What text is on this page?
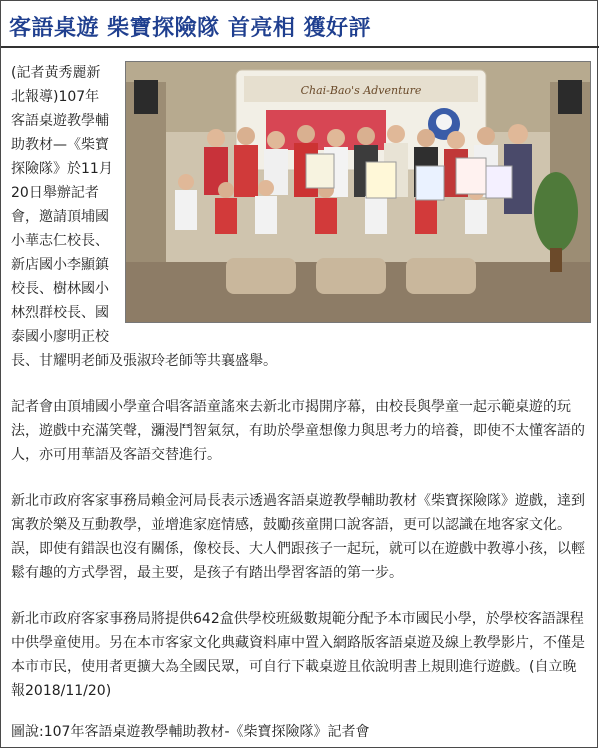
客語桌遊 柴寶探險隊 首亮相 獲好評
Chai-Bao's Adventure

(記者黃秀麗新北報導)107年客語桌遊教學輔助教材—《柴寶探險隊》於11月20日舉辦記者會，邀請頂埔國小華志仁校長、新店國小李顯鎮校長、樹林國小林烈群校長、國泰國小廖明正校長、甘耀明老師及張淑玲老師等共襄盛舉。

記者會由頂埔國小學童合唱客語童謠來去新北市揭開序幕，由校長與學童一起示範桌遊的玩法，遊戲中充滿笑聲，瀰漫鬥智氣氛，有助於學童想像力與思考力的培養，即使不太懂客語的人，亦可用華語及客語交替進行。

新北市政府客家事務局賴金河局長表示透過客語桌遊教學輔助教材《柴寶探險隊》遊戲，達到寓教於樂及互動教學，並增進家庭情感，鼓勵孩童開口說客語，更可以認識在地客家文化。誤，即使有錯誤也沒有關係，像校長、大人們跟孩子一起玩，就可以在遊戲中教導小孩，以輕鬆有趣的方式學習，最主要，是孩子有踏出學習客語的第一步。

新北市政府客家事務局將提供642盒供學校班級數規範分配予本市國民小學，於學校客語課程中供學童使用。另在本市客家文化典藏資料庫中置入網路版客語桌遊及線上教學影片，不僅是本市市民，使用者更擴大為全國民眾，可自行下載桌遊且依說明書上規則進行遊戲。(自立晚報2018/11/20)

圖說:107年客語桌遊教學輔助教材-《柴寶探險隊》記者會
